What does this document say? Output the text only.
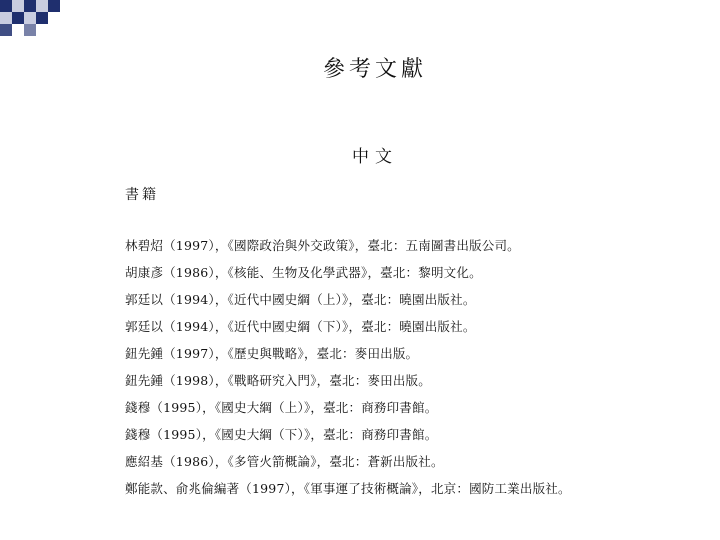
參考文獻
中文
書籍
林碧炤（1997），《國際政治與外交政策》，臺北：五南圖書出版公司。
胡康彥（1986），《核能、生物及化學武器》，臺北：黎明文化。
郭廷以（1994），《近代中國史綱（上）》，臺北：曉園出版社。
郭廷以（1994），《近代中國史綱（下）》，臺北：曉園出版社。
鈕先鍾（1997），《歷史與戰略》，臺北：麥田出版。
鈕先鍾（1998），《戰略研究入門》，臺北：麥田出版。
錢穆（1995），《國史大綱（上）》，臺北：商務印書館。
錢穆（1995），《國史大綱（下）》，臺北：商務印書館。
應紹基（1986），《多管火箭概論》，臺北：蒼新出版社。
鄭能款、俞兆倫編著（1997），《軍事運了技術概論》，北京：國防工業出版社。
